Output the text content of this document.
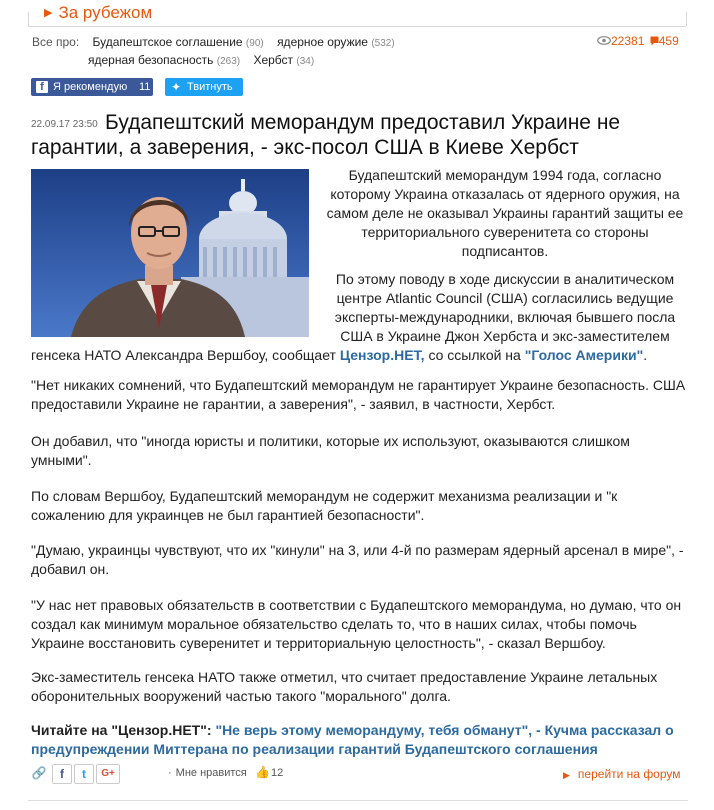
▶ За рубежом
Все про: Будапештское соглашение (90) ядерное оружие (532)
ядерная безопасность (263) Хербст (34)
22381 459
f Я рекомендую 11 ✦ Твитнуть
22.09.17 23:50 Будапештский меморандум предоставил Украине не
гарантии, а заверения, - экс-посол США в Киеве Хербст
Будапештский меморандум 1994 года, согласно которому Украина отказалась от ядерного оружия, на самом деле не оказывал Украины гарантий защиты ее территориального суверенитета со стороны подписантов.
По этому поводу в ходе дискуссии в аналитическом центре Atlantic Council (США) согласились ведущие эксперты-международники, включая бывшего посла США в Украине Джон Хербста и экс-заместителем
генсека НАТО Александра Вершбоу, сообщает Цензор.НЕТ, со ссылкой на "Голос Америки".
"Нет никаких сомнений, что Будапештский меморандум не гарантирует Украине безопасность. США предоставили Украине не гарантии, а заверения", - заявил, в частности, Хербст.
Он добавил, что "иногда юристы и политики, которые их используют, оказываются слишком умными".
По словам Вершбоу, Будапештский меморандум не содержит механизма реализации и "к сожалению для украинцев не был гарантией безопасности".
"Думаю, украинцы чувствуют, что их "кинули" на 3, или 4-й по размерам ядерный арсенал в мире", - добавил он.
"У нас нет правовых обязательств в соответствии с Будапештского меморандума, но думаю, что он создал как минимум моральное обязательство сделать то, что в наших силах, чтобы помочь Украине восстановить суверенитет и территориальную целостность", - сказал Вершбоу.
Экс-заместитель генсека НАТО также отметил, что считает предоставление Украине летальных оборонительных вооружений частью такого "морального" долга.
Читайте на "Цензор.НЕТ": "Не верь этому меморандуму, тебя обманут", - Кучма рассказал о предупреждении Миттерана по реализации гарантий Будапештского соглашения
🔗	f	t	G+	· Мне нравится 👍 12	▶ перейти на форум
